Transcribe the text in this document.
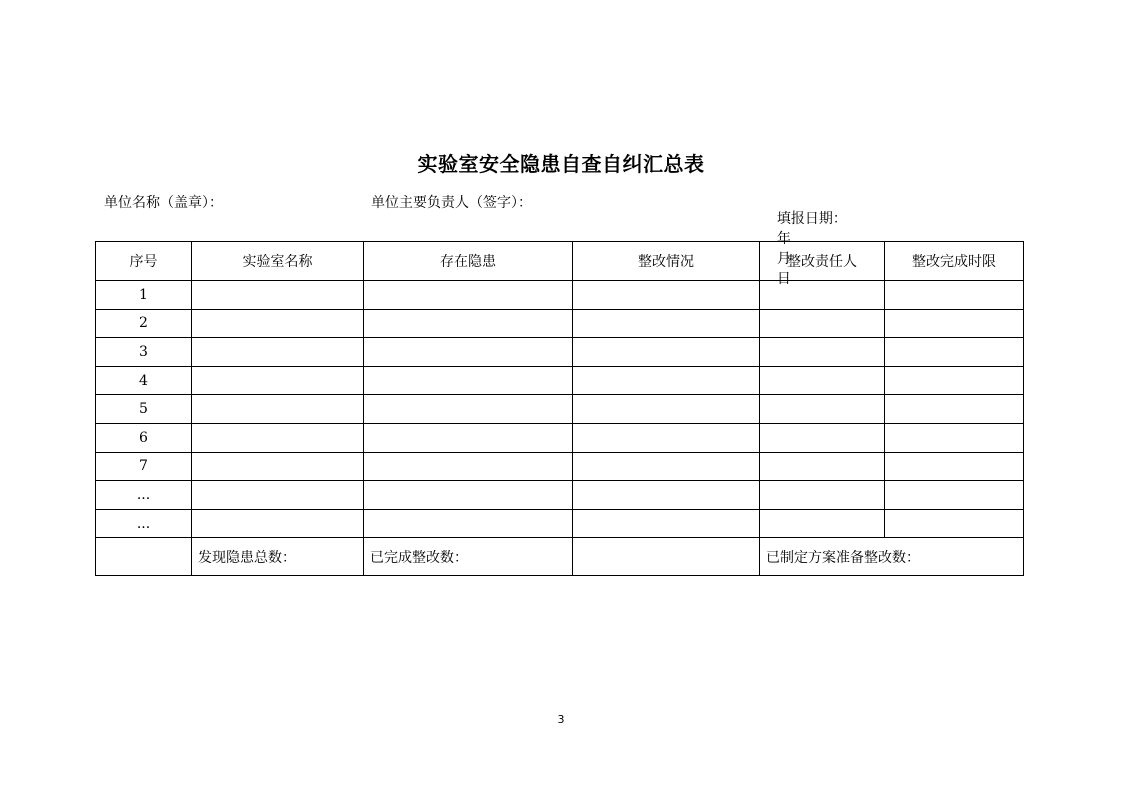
实验室安全隐患自查自纠汇总表
单位名称（盖章）：	单位主要负责人（签字）：

填报日期：
年
月
日

序号	实验室名称	存在隐患	整改情况	整改责任人	整改完成时限
1					
2					
3					
4					
5					
6					
7					
...					
...					
	发现隐患总数：	已完成整改数：		已制定方案准备整改数：	
3
